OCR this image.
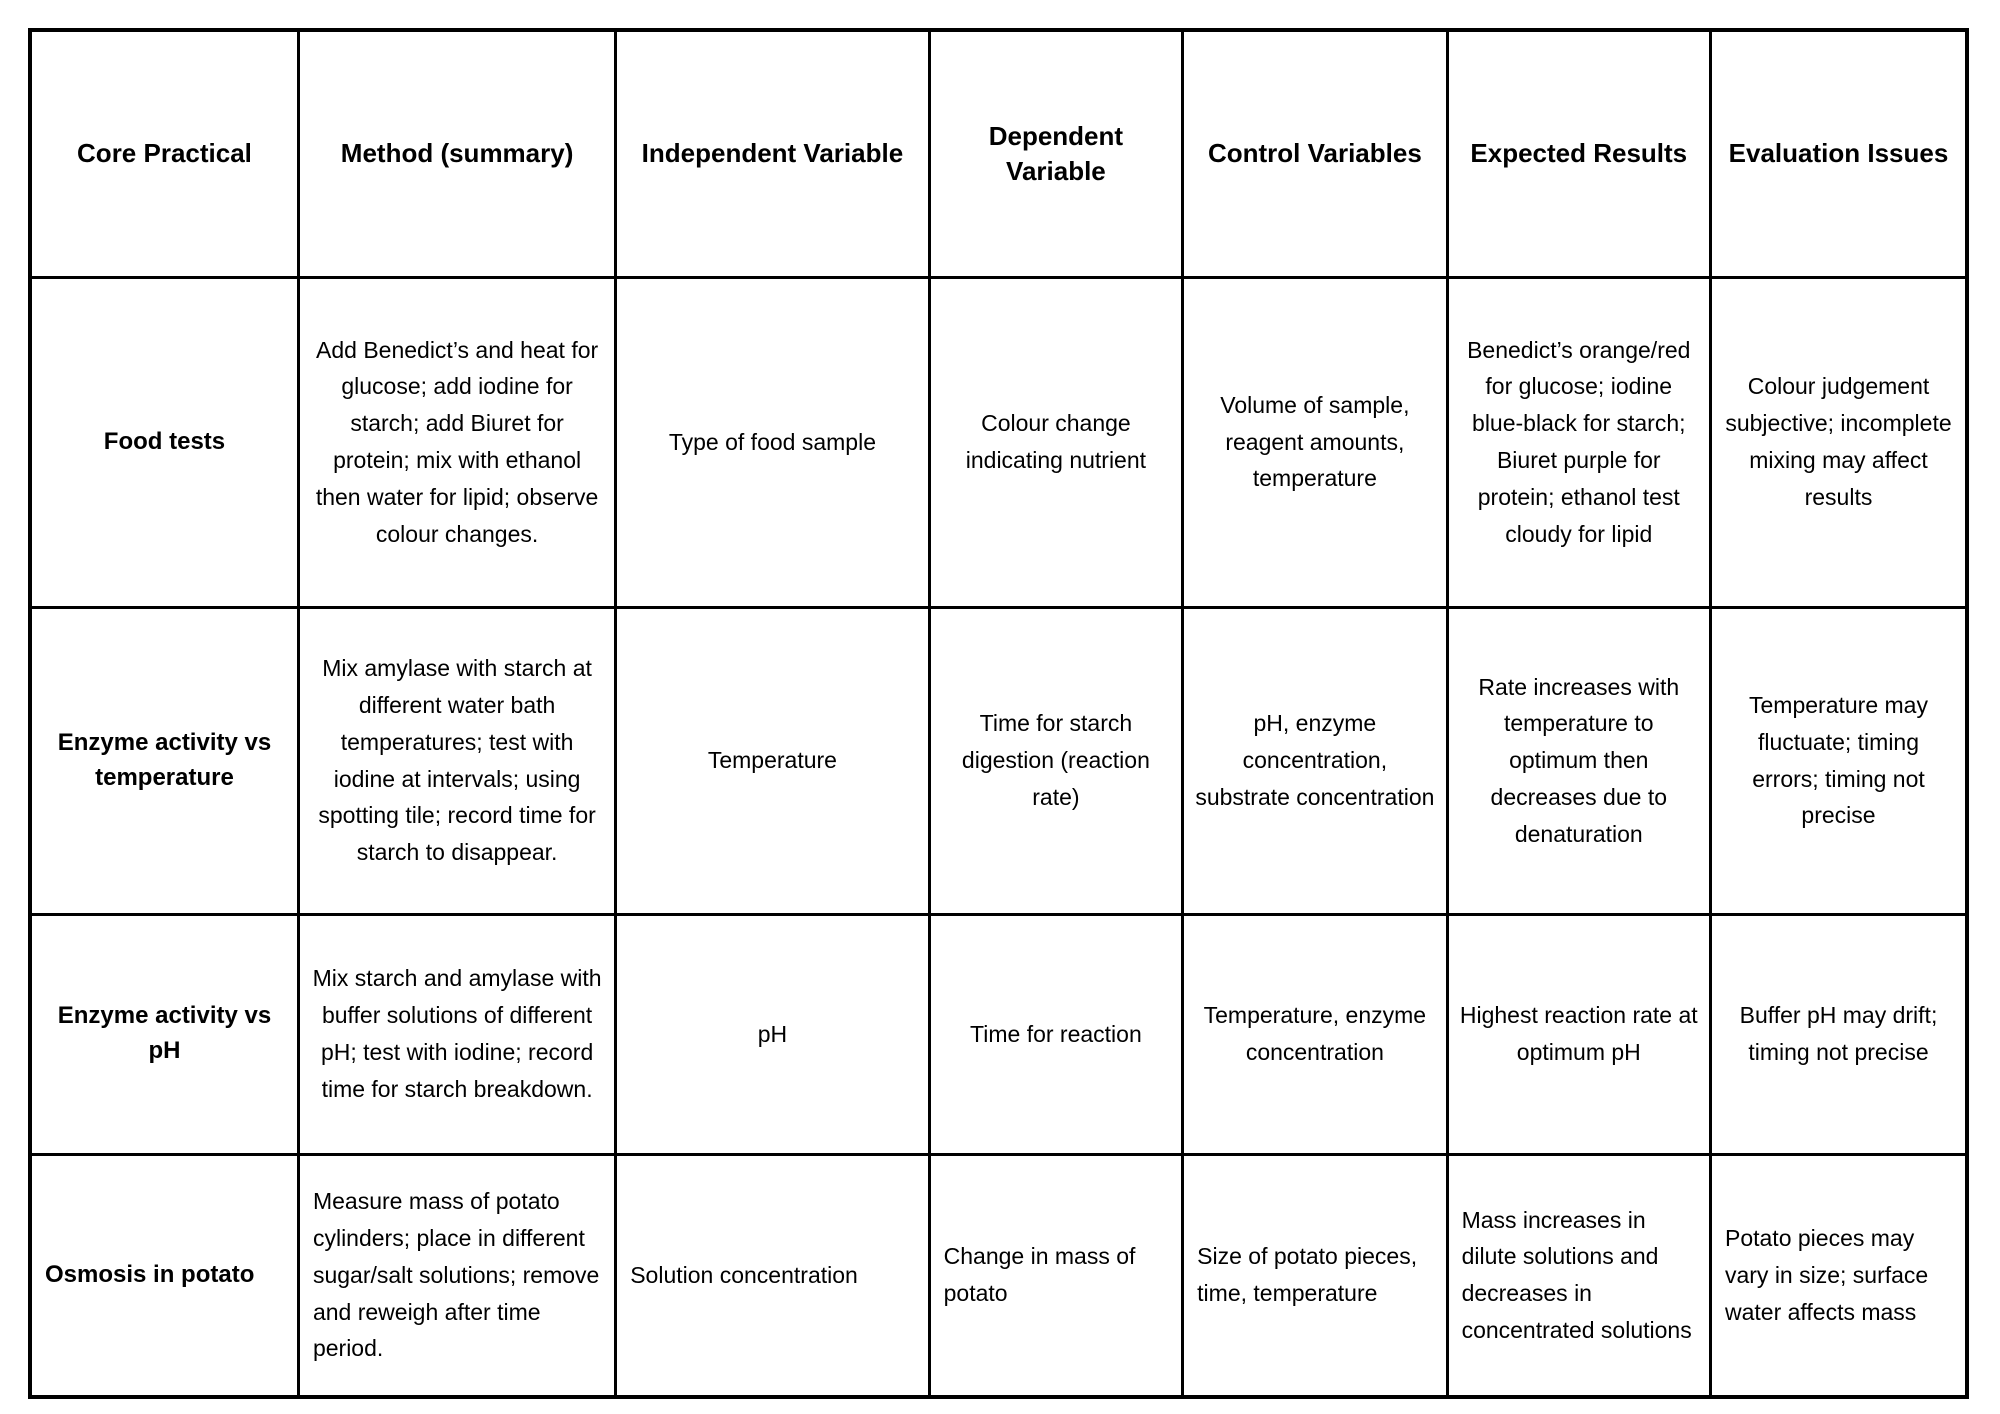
Core Practical	Method (summary)	Independent Variable	Dependent Variable	Control Variables	Expected Results	Evaluation Issues
Food tests	Add Benedict’s and heat for glucose; add iodine for starch; add Biuret for protein; mix with ethanol then water for lipid; observe colour changes.	Type of food sample	Colour change indicating nutrient	Volume of sample, reagent amounts, temperature	Benedict’s orange/red for glucose; iodine blue-black for starch; Biuret purple for protein; ethanol test cloudy for lipid	Colour judgement subjective; incomplete mixing may affect results
Enzyme activity vs temperature	Mix amylase with starch at different water bath temperatures; test with iodine at intervals; using spotting tile; record time for starch to disappear.	Temperature	Time for starch digestion (reaction rate)	pH, enzyme concentration, substrate concentration	Rate increases with temperature to optimum then decreases due to denaturation	Temperature may fluctuate; timing errors; timing not precise
Enzyme activity vs pH	Mix starch and amylase with buffer solutions of different pH; test with iodine; record time for starch breakdown.	pH	Time for reaction	Temperature, enzyme concentration	Highest reaction rate at optimum pH	Buffer pH may drift; timing not precise
Osmosis in potato	Measure mass of potato cylinders; place in different sugar/salt solutions; remove and reweigh after time period.	Solution concentration	Change in mass of potato	Size of potato pieces, time, temperature	Mass increases in dilute solutions and decreases in concentrated solutions	Potato pieces may vary in size; surface water affects mass
